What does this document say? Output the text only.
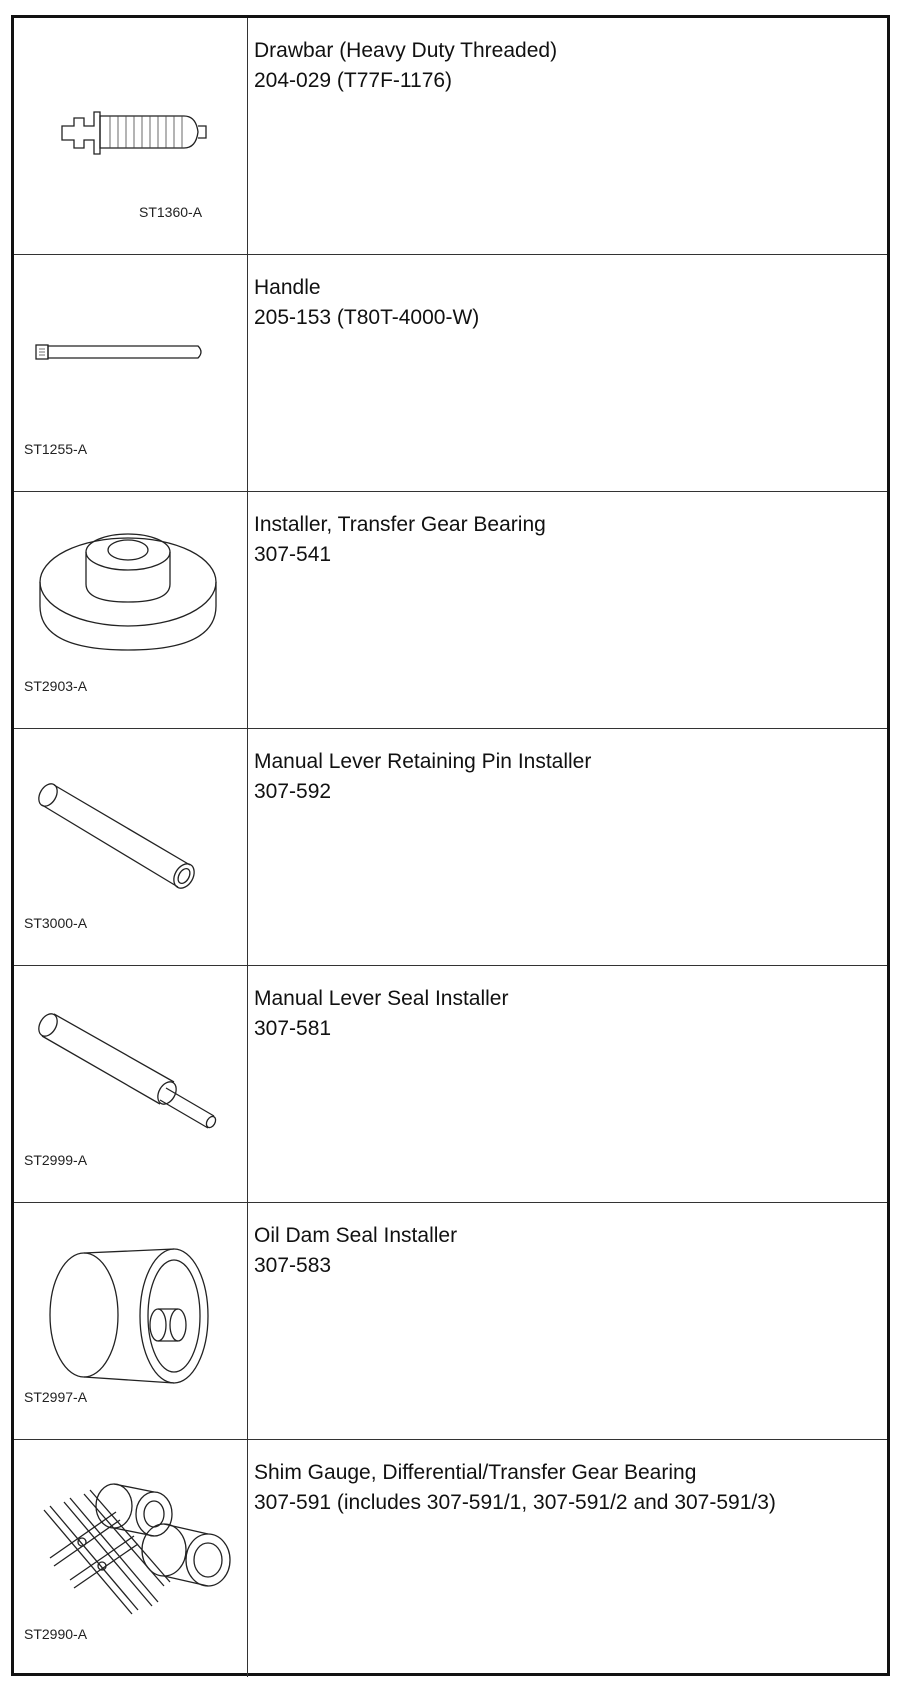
ST1360-A
Drawbar (Heavy Duty Threaded)
204-029 (T77F-1176)
ST1255-A
Handle
205-153 (T80T-4000-W)
ST2903-A
Installer, Transfer Gear Bearing
307-541
ST3000-A
Manual Lever Retaining Pin Installer
307-592
ST2999-A
Manual Lever Seal Installer
307-581
ST2997-A
Oil Dam Seal Installer
307-583
ST2990-A
Shim Gauge, Differential/Transfer Gear Bearing
307-591 (includes 307-591/1, 307-591/2 and 307-591/3)
